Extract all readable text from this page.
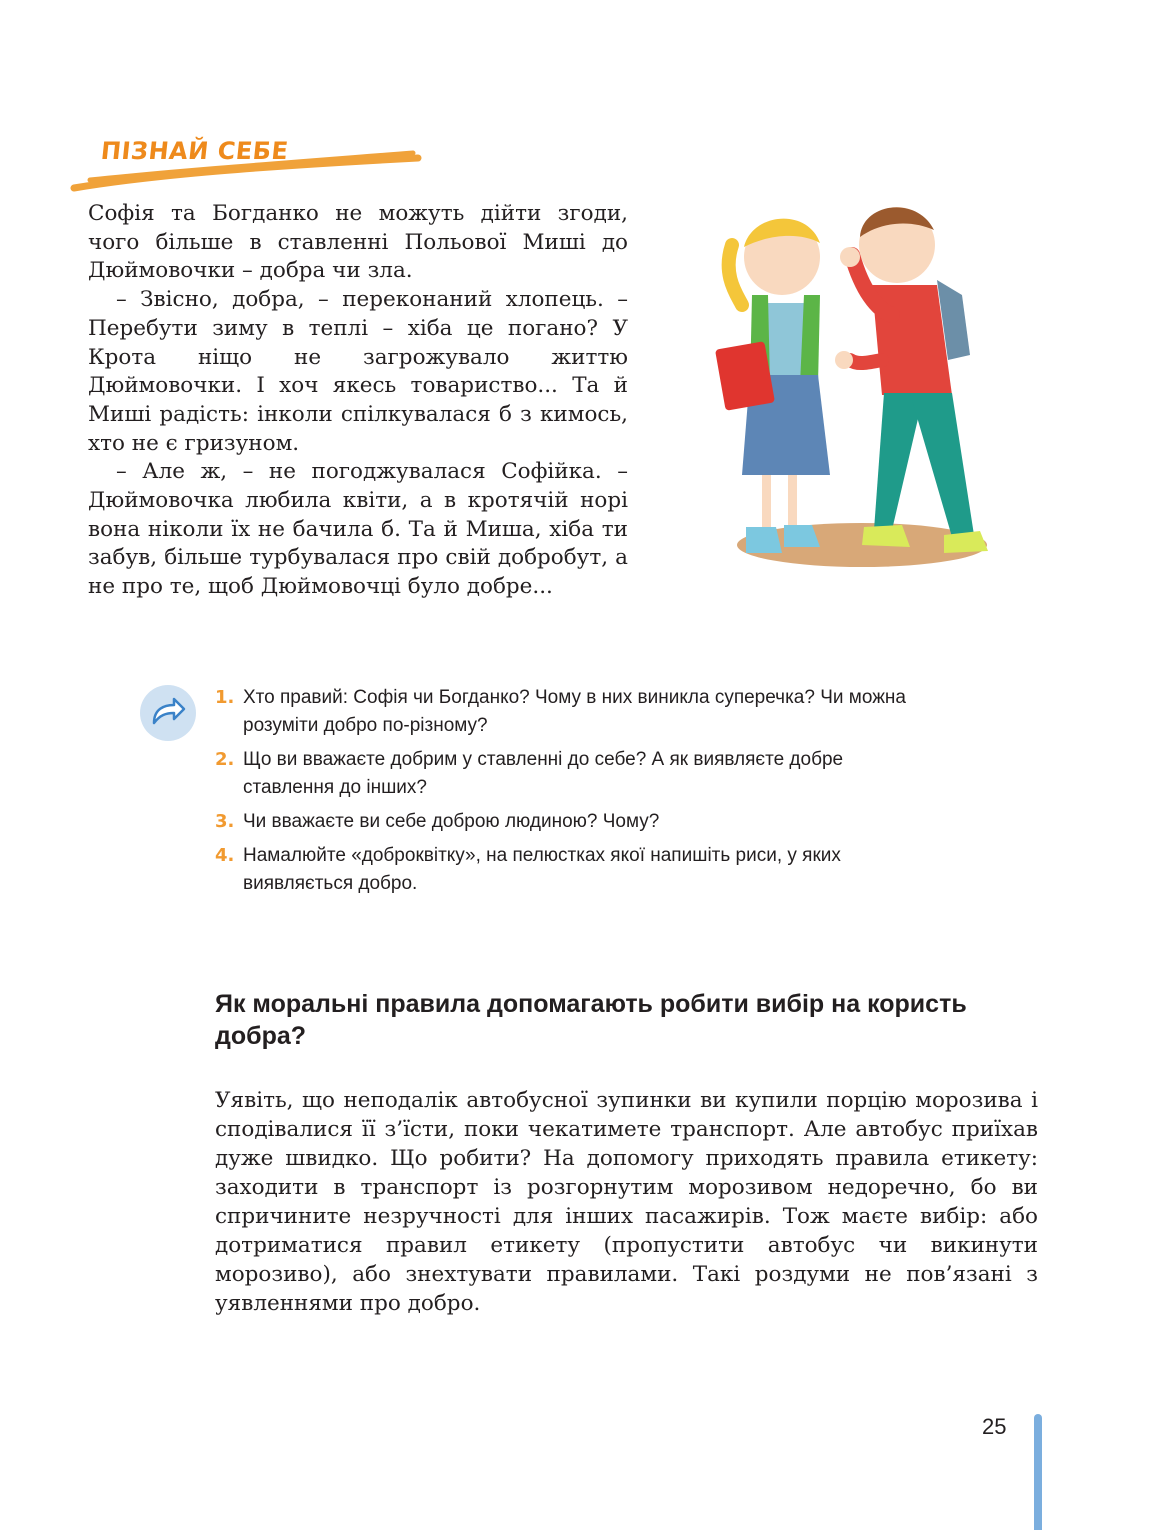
ПІЗНАЙ СЕБЕ

Софія та Богданко не можуть дійти згоди, чого більше в ставленні Польової Миші до Дюймовочки – добра чи зла.

– Звісно, добра, – переконаний хлопець. – Перебути зиму в теплі – хіба це погано? У Крота ніщо не загрожувало життю Дюймовочки. І хоч якесь товариство... Та й Миші радість: інколи спілкувалася б з кимось, хто не є гризуном.

– Але ж, – не погоджувалася Софійка. – Дюймовочка любила квіти, а в кротячій норі вона ніколи їх не бачила б. Та й Миша, хіба ти забув, більше турбувалася про свій добробут, а не про те, щоб Дюймовочці було добре...

1. Хто правий: Софія чи Богданко? Чому в них виникла суперечка? Чи можна розуміти добро по-різному?
2. Що ви вважаєте добрим у ставленні до себе? А як виявляєте добре ставлення до інших?
3. Чи вважаєте ви себе доброю людиною? Чому?
4. Намалюйте «доброквітку», на пелюстках якої напишіть риси, у яких виявляється добро.
Як моральні правила допомагають робити вибір на користь добра?

Уявіть, що неподалік автобусної зупинки ви купили порцію морозива і сподівалися її з’їсти, поки чекатимете транспорт. Але автобус приїхав дуже швидко. Що робити? На допомогу приходять правила етикету: заходити в транспорт із розгорнутим морозивом недоречно, бо ви спричините незручності для інших пасажирів. Тож маєте вибір: або дотриматися правил етикету (пропустити автобус чи викинути морозиво), або знехтувати правилами. Такі роздуми не пов’язані з уявленнями про добро.

25
